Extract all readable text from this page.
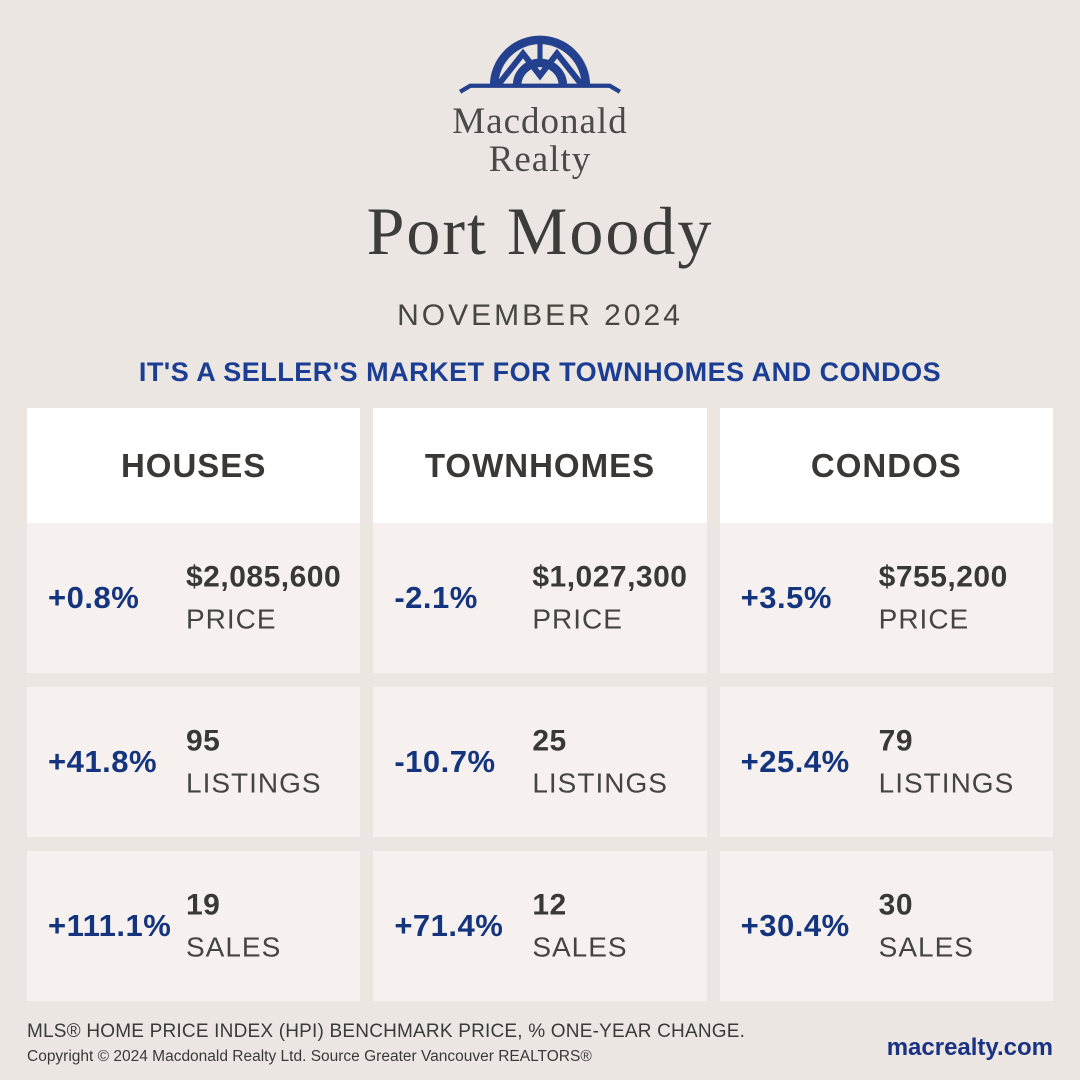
Macdonald
Realty
Port Moody
NOVEMBER 2024
IT'S A SELLER'S MARKET FOR TOWNHOMES AND CONDOS
HOUSES
+0.8%
$2,085,600
PRICE
+41.8%
95
LISTINGS
+111.1%
19
SALES
TOWNHOMES
-2.1%
$1,027,300
PRICE
-10.7%
25
LISTINGS
+71.4%
12
SALES
CONDOS
+3.5%
$755,200
PRICE
+25.4%
79
LISTINGS
+30.4%
30
SALES
MLS® HOME PRICE INDEX (HPI) BENCHMARK PRICE, % ONE-YEAR CHANGE.
Copyright © 2024 Macdonald Realty Ltd. Source Greater Vancouver REALTORS®	macrealty.com
